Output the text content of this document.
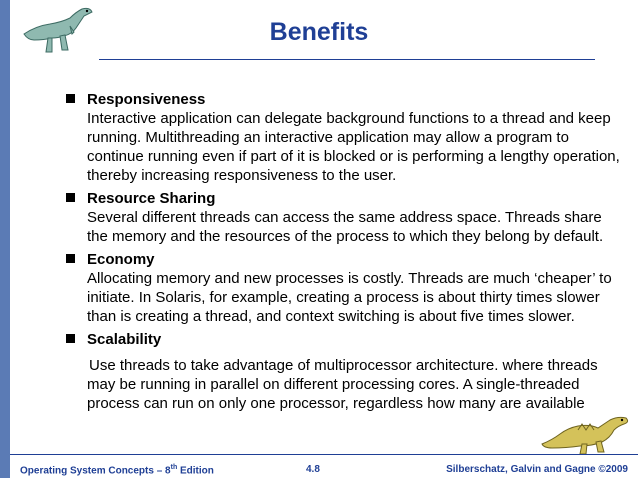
Benefits
Responsiveness
Interactive application can delegate background functions to a thread and keep running. Multithreading an interactive application may allow a program to continue running even if part of it is blocked or is performing a lengthy operation, thereby increasing responsiveness to the user.
Resource Sharing
Several different threads can access the same address space. Threads share the memory and the resources of the process to which they belong by default.
Economy
Allocating memory and new processes is costly. Threads are much ‘cheaper’ to initiate. In Solaris, for example, creating a process is about thirty times slower than is creating a thread, and context switching is about five times slower.
Scalability
Use threads to take advantage of multiprocessor architecture. where threads may be running in parallel on different processing cores. A single-threaded process can run on only one processor, regardless how many are available
Operating System Concepts – 8th Edition	4.8	Silberschatz, Galvin and Gagne ©2009
